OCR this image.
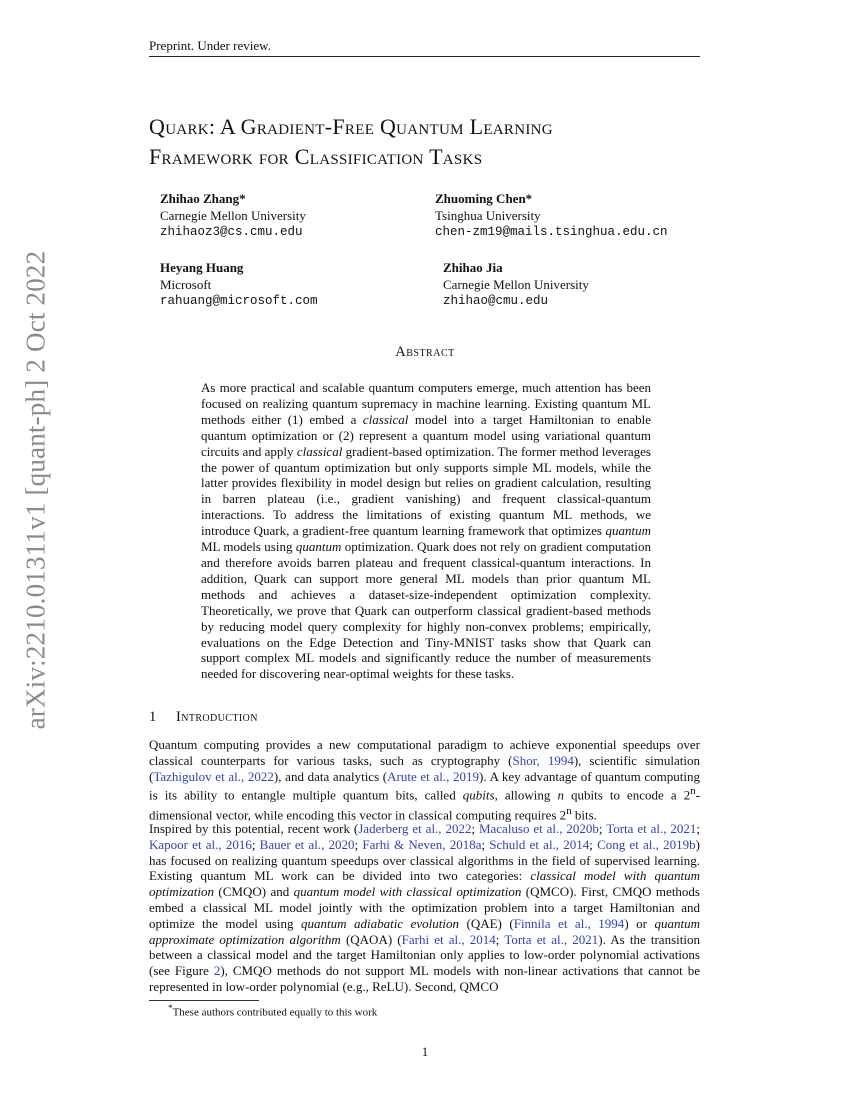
Preprint. Under review.
arXiv:2210.01311v1 [quant-ph] 2 Oct 2022
Quark: A Gradient-Free Quantum Learning
Framework for Classification Tasks
Zhihao Zhang*
Carnegie Mellon University
zhihaoz3@cs.cmu.edu
Zhuoming Chen*
Tsinghua University
chen-zm19@mails.tsinghua.edu.cn
Heyang Huang
Microsoft
rahuang@microsoft.com
Zhihao Jia
Carnegie Mellon University
zhihao@cmu.edu
Abstract
As more practical and scalable quantum computers emerge, much attention has been focused on realizing quantum supremacy in machine learning. Existing quantum ML methods either (1) embed a classical model into a target Hamiltonian to enable quantum optimization or (2) represent a quantum model using variational quantum circuits and apply classical gradient-based optimization. The former method leverages the power of quantum optimization but only supports simple ML models, while the latter provides flexibility in model design but relies on gradient calculation, resulting in barren plateau (i.e., gradient vanishing) and frequent classical-quantum interactions. To address the limitations of existing quantum ML methods, we introduce Quark, a gradient-free quantum learning framework that optimizes quantum ML models using quantum optimization. Quark does not rely on gradient computation and therefore avoids barren plateau and frequent classical-quantum interactions. In addition, Quark can support more general ML models than prior quantum ML methods and achieves a dataset-size-independent optimization complexity. Theoretically, we prove that Quark can outperform classical gradient-based methods by reducing model query complexity for highly non-convex problems; empirically, evaluations on the Edge Detection and Tiny-MNIST tasks show that Quark can support complex ML models and significantly reduce the number of measurements needed for discovering near-optimal weights for these tasks.
1 Introduction
Quantum computing provides a new computational paradigm to achieve exponential speedups over classical counterparts for various tasks, such as cryptography (Shor, 1994), scientific simulation (Tazhigulov et al., 2022), and data analytics (Arute et al., 2019). A key advantage of quantum computing is its ability to entangle multiple quantum bits, called qubits, allowing n qubits to encode a 2$^n$-dimensional vector, while encoding this vector in classical computing requires 2$^n$ bits.
Inspired by this potential, recent work (Jaderberg et al., 2022; Macaluso et al., 2020b; Torta et al., 2021; Kapoor et al., 2016; Bauer et al., 2020; Farhi & Neven, 2018a; Schuld et al., 2014; Cong et al., 2019b) has focused on realizing quantum speedups over classical algorithms in the field of supervised learning. Existing quantum ML work can be divided into two categories: classical model with quantum optimization (CMQO) and quantum model with classical optimization (QMCO). First, CMQO methods embed a classical ML model jointly with the optimization problem into a target Hamiltonian and optimize the model using quantum adiabatic evolution (QAE) (Finnila et al., 1994) or quantum approximate optimization algorithm (QAOA) (Farhi et al., 2014; Torta et al., 2021). As the transition between a classical model and the target Hamiltonian only applies to low-order polynomial activations (see Figure 2), CMQO methods do not support ML models with non-linear activations that cannot be represented in low-order polynomial (e.g., ReLU). Second, QMCO
*These authors contributed equally to this work
1
